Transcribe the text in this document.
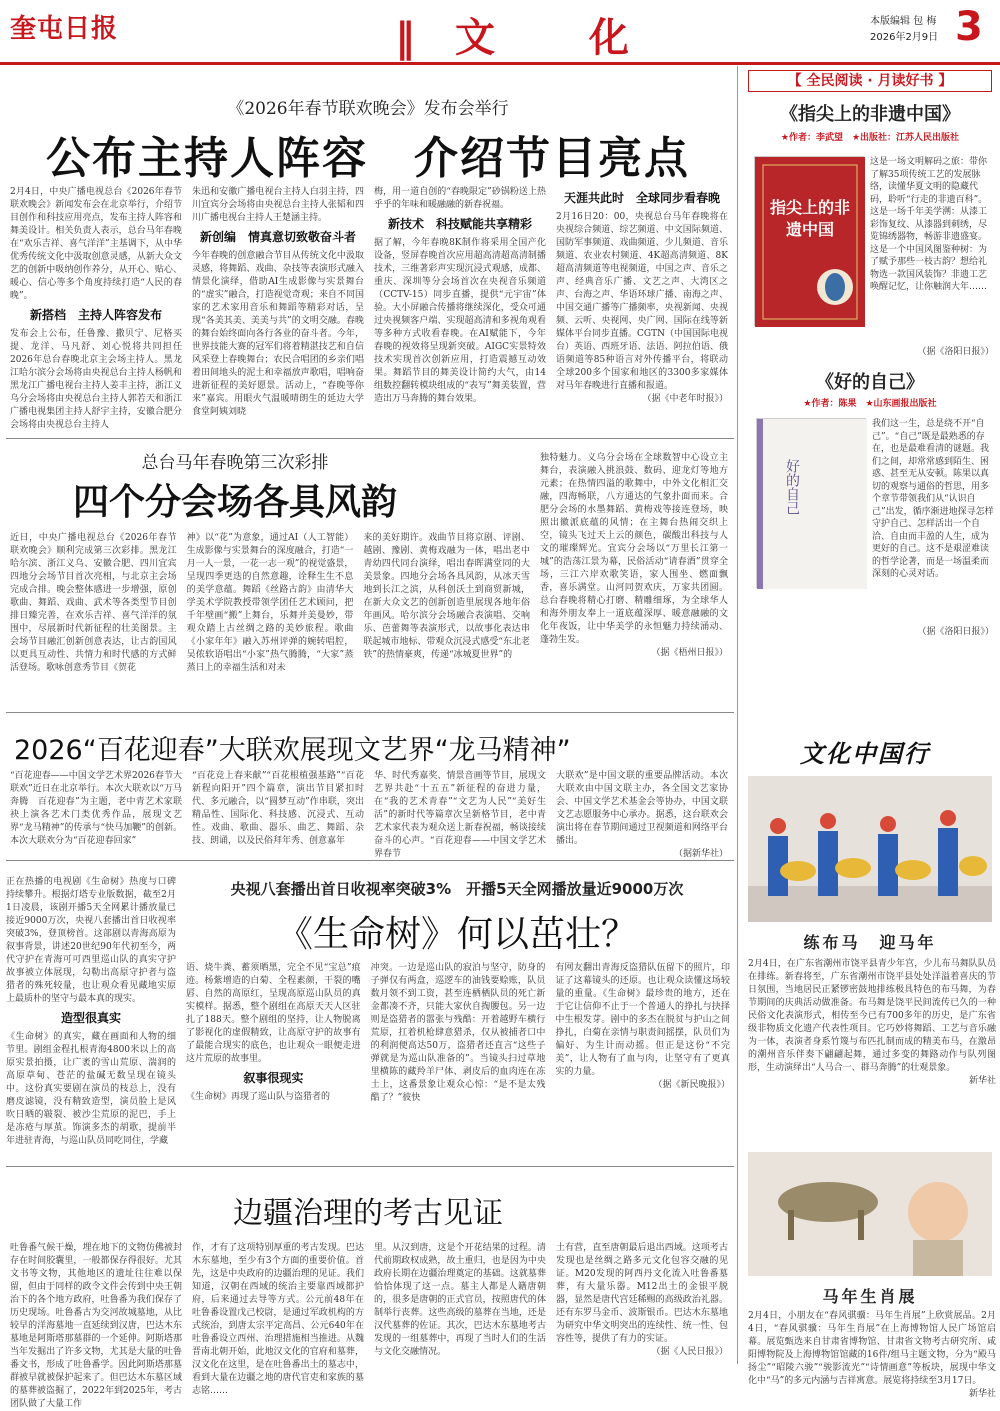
奎屯日报	‖文 化	本版编辑 包 梅
2026年2月9日 3
《2026年春节联欢晚会》发布会举行
公布主持人阵容　介绍节目亮点

2月4日，中央广播电视总台《2026年春节联欢晚会》新闻发布会在北京举行，介绍节目创作和科技应用亮点，发布主持人阵容和舞美设计。相关负责人表示，总台马年春晚在“欢乐吉祥、喜气洋洋”主基调下，从中华优秀传统文化中汲取创意灵感，从新大众文艺的创新中吸纳创作养分，从开心、贴心、暖心、信心等多个角度持续打造“人民的春晚”。

新搭档　主持人阵容发布

发布会上公布，任鲁豫、撒贝宁、尼格买提、龙洋、马凡舒、刘心悦将共同担任2026年总台春晚北京主会场主持人。黑龙江哈尔滨分会场将由央视总台主持人杨帆和黑龙江广播电视台主持人姜丰主持，浙江义乌分会场将由央视总台主持人郭若天和浙江广播电视集团主持人舒宇主持，安徽合肥分会场将由央视总台主持人

朱迅和安徽广播电视台主持人白羽主持，四川宜宾分会场将由央视总台主持人张韬和四川广播电视台主持人王楚涵主持。

新创编　情真意切致敬奋斗者

今年春晚的创意融合节目从传统文化中汲取灵感，将舞蹈、戏曲、杂技等表演形式融入情景化演绎，借助AI生成影像与实景舞台的“虚实”融合，打造视觉奇观；来自不同国家的艺术家用音乐和舞蹈等精彩对话，呈现“各美其美、美美与共”的文明交融。春晚的舞台始终面向各行各业的奋斗者。今年，世界技能大赛的冠军们将着精湛技艺和自信风采登上春晚舞台；农民合唱团的乡亲们唱着田间地头的泥土和幸福放声歌唱，唱响奋进新征程的美好愿景。活动上，“春晚等你来”嘉宾。用眼火气温暖晴朗生的延边大学食堂阿姨刘晓

梅，用一道自创的“春晚限定”砂锅粉送上热乎乎的年味和暖融融的新春祝福。

新技术　科技赋能共享精彩

据了解，今年春晚8K制作将采用全国产化设备，竖屏春晚首次应用超高清超高清制播技术，三维著彩声实现沉浸式观感，成都、重庆、深圳等分会场首次在央视音乐频道（CCTV-15）同步直播，提供“元宇宙”体验。大小屏融合传播将继续深化，受众可通过央视频客户端、实现超高清和多视角观看等多种方式收看春晚。在AI赋能下，今年春晚的视效将呈现新突破。AIGC实景特效技术实现首次创新应用，打造震撼互动效果。舞蹈节目的舞美设计简约大气，由14组数控翻转模块组成的“表写”舞美装置，营造出万马奔腾的舞台效果。

天涯共此时　全球同步看春晚

2月16日20：00，央视总台马年春晚将在央视综合频道、综艺频道、中文国际频道、国防军事频道、戏曲频道、少儿频道、音乐频道、农业农村频道、4K超高清频道、8K超高清频道等电视频道，中国之声、音乐之声、经典音乐广播、文艺之声、大湾区之声、台海之声、华语环球广播、南海之声、中国交通广播等广播频率，央视新闻、央视频、云听、央视网、央广网、国际在线等新媒体平台同步直播。CGTN（中国国际电视台）英语、西班牙语、法语、阿拉伯语、俄语频道等85种语言对外传播平台，将联动全球200多个国家和地区的3300多家媒体对马年春晚进行直播和报道。

（据《中老年时报》）
总台马年春晚第三次彩排
四个分会场各具风韵

近日，中央广播电视总台《2026年春节联欢晚会》顺利完成第三次彩排。黑龙江哈尔滨、浙江义乌、安徽合肥、四川宜宾四地分会场节目首次亮相，与北京主会场完成合排。晚会整体感进一步增强，原创歌曲、舞蹈、戏曲、武术等各类型节目创排日臻完善，在欢乐吉祥、喜气洋洋的氛围中，尽展新时代新征程的壮美图景。主会场节目融汇创新创意表达，让古韵国风以更具互动性、共情力和时代感的方式鲜活登场。歌咏创意秀节目《贺花

神》以“花”为意象，通过AI（人工智能）生成影像与实景舞台的深度融合，打造“一月一人一景，一花一志一观”的视觉盛景，呈现四季更迭的自然意趣，诠释生生不息的美学意蕴。舞蹈《丝路古韵》由清华大学美术学院教授带领学团任艺术顾问，把千年壁画“搬”上舞台，乐舞并美曼妙，带观众踏上古丝绸之路的美妙旅程。歌曲《小家年年》融入苏州评弹的婉转唱腔，吴侬软语唱出“小家”热气腾腾，“大家”蒸蒸日上的幸福生活和对未

来的美好期许。戏曲节目将京剧、评剧、越剧、豫剧、黄梅戏融为一体，唱出老中青幼四代同台演绎，唱出春晖满堂同的大美景象。四地分会场各具风韵，从冰天雪地到长江之滨，从科创沃土到商贸新城，在新大众文艺的创新创造里展现各地年俗年画风。哈尔滨分会场融合表演唱、交响乐、芭蕾舞等表演形式，以故事化表达串联起城市地标、带观众沉浸式感受“东北老铁”的热情豪爽，传递“冰城夏世界”的

独特魅力。义乌分会场在全球数智中心设立主舞台，表演融入挑浪鼓、数码、迎龙灯等地方元素；在热情四溢的歌舞中，中外文化相汇交融，四海畅联，八方通达的气象扑面而来。合肥分会场的水墨舞蹈、黄梅戏等接连登场，映照出徽派底蕴的风情；在主舞台热闹交织上空，镜头飞过天上云的颜色，碳酸出科技与人文的璀璨辉光。宜宾分会场以“万里长江第一城”的浩荡江景为幕，民俗活动“请春酒”贯穿全场，三江六岸欢歌笑语，家人围坐、燃面飘香，喜乐满堂。山河同贺欢庆，万家共团圆。总台春晚将精心打磨、精雕细琢，为全球华人和海外朋友奉上一道底蕴深厚、暖意融融的文化年夜饭，让中华美学的永恒魅力持续涌动、蓬勃生发。

（据《梧州日报》）
2026“百花迎春”大联欢展现文艺界“龙马精神”

“百花迎春——中国文学艺术界2026春节大联欢”近日在北京举行。本次大联欢以“万马奔腾　百花迎春”为主题，老中青艺术家联袂上演各艺术门类优秀作品，展现文艺界“龙马精神”的传承与“快马加鞭”的创新。本次大联欢分为“百花迎春回家”

“百花竞上春来献”“百花根植强基路”“百花新程向阳开”四个篇章，演出节目紧扣时代、多元融合，以“圆梦互动”作串联，突出精品性、国际化、科技感、沉浸式、互动性。戏曲、歌曲、器乐、曲艺、舞蹈、杂技、朗诵，以及民俗拜年秀、创意嘉年

华、时代秀嘉奖、情景音画等节目，展现文艺界共赴“十五五”新征程的奋进力量，在“我的艺术青春”“文艺为人民”“美好生活”的新时代等篇章次呈新格节目，老中青艺术家代表为观众送上新春祝福，畅谈接续奋斗的心声。“百花迎春——中国文学艺术界春节

大联欢”是中国文联的重要品牌活动。本次大联欢由中国文联主办，各全国文艺家协会、中国文学艺术基金会等协办，中国文联文艺志愿服务中心承办。据悉，这台联欢会演出将在春节期间通过卫视频道和网络平台播出。

（据新华社）

正在热播的电视剧《生命树》热度与口碑持续攀升。根据灯塔专业版数据，截至2月1日凌晨，该剧开播5天全网累计播放量已接近9000万次，央视八套播出首日收视率突破3%，登顶榜首。这部剧以青海高原为叙事背景，讲述20世纪90年代初至今，两代守护在青海可可西里巡山队的真实守护故事被立体展现，勾勒出高原守护者与盗猎者的殊死较量，也让观众看见藏地实原上最质朴的坚守与最本真的现实。

造型很真实

《生命树》的真实，藏在画面和人物的细节里。剧组金程扎根青海4800米以上的高原实景拍摄，让广袤的雪山荒原、湍润的高原草甸、苍茫的盐碱无数呈现在镜头中。这份真实要剧在演员的枝总上，没有磨皮滤镜，没有精致造型，演员脸上是风吹日晒的皲裂、被沙尘荒原的泥巴，手上是冻疮与厚茧。饰演多杰的胡歌，提前半年进驻青海，与巡山队员同吃同住，学藏

央视八套播出首日收视率突破3%　开播5天全网播放量近9000万次
《生命树》何以茁壮？

语、烧牛粪、蓄须晒黑，完全不见“宝总”痕迹。杨紫增造的白菊、全程素颜，干裂的嘴唇、自然的高原红，呈现高原巡山队员的真实模样。据悉，整个剧组在高原天天人区驻扎了188天。整个剧组的坚持，让人物脱离了影视化的虚假精致，让高原守护的故事有了最能合现实的底色，也让观众一眼便走进这片荒原的故事里。

叙事很现实

《生命树》再现了巡山队与盗猎者的

冲突。一边是巡山队的寂泊与坚守，防身的子弹仅有两盒，巡逻车的油钱要赊账，队员数月领不到工资，甚至连栖栖队员的死亡新金都凑不齐，只能大家伙自掏腰包。另一边则是盗猎者的嚣张与残酷：开着越野车横行荒原，扛着机枪肆意猎杀，仅从被捕者口中的利润便高达50万，盗猎者还直言“这些子弹就是为巡山队准备的”。当镜头扫过草地里横陈的藏羚羊尸体、剥皮后的血肉连在冻土上，这番景象让观众心惊：“是不是太残酷了？”彼快

有网友翻出青海反盗猎队伍留下的照片，印证了这幕镜头的还原。也让观众读懂这场较量的重量。《生命树》最珍贵的地方，还在于它让信仰不止于一个普通人的挣扎与抉择中生根发芽。剧中的多杰在脱贫与护山之间挣扎，白菊在亲情与职责间摇摆，队员们为偏好、为生计而动摇。但正是这份“不完美”，让人物有了血与肉，让坚守有了更真实的力量。

（据《新民晚报》）
边疆治理的考古见证

吐鲁番气候干燥，埋在地下的文物仿佛被封存在时间胶囊里，一般都保存得很好。尤其文书等文物，其他地区的遗址往往难以保留，但由于同样的政令文件会传到中央王朝治下的各个地方政府，吐鲁番为我们保存了历史现场。吐鲁番古为交河故城墓地，从比较早的洋海墓地一直延续到汉唐，巴达木东墓地是阿斯塔那墓群的一个延伸。阿斯塔那当年发掘出了许多文物，尤其是大量的吐鲁番文书，形成了吐鲁番学。因此阿斯塔那墓群被早就被保护起来了。但巴达木东墓区域的墓葬被盗掘了，2022年到2025年，考古团队做了大量工作

作，才有了这项特别厚重的考古发现。巴达木东墓地，至少有3个方面的重要价值。首先，这是中央政府的边疆治理的见证。我们知道，汉朝在西域的统治主要靠西域都护府，后来通过去导等方式。公元前48年在吐鲁番设置戊己校尉，是通过军政机构的方式统治，到唐太宗平定高昌、公元640年在吐鲁番设立西州、治理措施相当推进。从魏晋南北朝开始，此地汉文化的官府和墓葬，汉文化在这里，是在吐鲁番出土的墓志中，看到大量在边疆之地的唐代官吏和家族的墓志铭……

里。从汉到唐，这是个开花结果的过程。清代前期政权成熟，故土重归，也是因为中央政府长期在边疆治理奠定的基础。这就墓葬恰恰体现了这一点。墓主人都是人籍唐朝的，很多是唐朝的正式官员，按照唐代的体制举行丧葬。这些高级的墓葬在当地，还是汉代墓葬的佐证。其次，巴达木东墓地考古发现的一组墓葬中，再现了当时人们的生活与文化交融情况。

土有营，直至唐朝最后退出西域。这项考古发现也是丝绸之路多元文化包容交融的见证。M20发现的阿西丹文化流入吐鲁番墓葬，有大量乐器。M12出土的金银平脱器，显然是唐代宫廷稀赐的高级政治礼器。还有东罗马金币、波斯银币。巴达木东墓地为研究中华文明突出的连续性、统一性、包容性等，提供了有力的实证。

（据《人民日报》）
【 全民阅读 · 月读好书 】
《指尖上的非遗中国》
★作者：李武望　★出版社：江苏人民出版社
指尖上的非遗中国
这是一场文明解码之旅：带你了解35项传统工艺的发展脉络，读懂华夏文明的隐藏代码，聆听“行走的非遗百科”。这是一场千年美学溯：从漆工彩饰复纹、从漆器到刺绣，尽览锦绣器物，畅游非遗盛宴。这是一个中国风图鉴种树：为了赋予那些一枝古韵？想给礼物选一款国风装饰？非遗工艺唤醒记忆，让你触润大年……
（据《洛阳日报》）
《好的自己》
★作者：陈果　★山东画报出版社
好的自己
我们这一生，总是绕不开“自己”。“自己”既是最熟悉的存在，也是最难看清的谜题。我们之间，却常常感到陌生、困惑、甚至无从安顿。陈果以真切的观察与通俗的哲思，用多个章节带领我们从“认识自己”出发，循序渐进地探寻怎样守护自己、怎样活出一个自洽、自由而丰盈的人生，成为更好的自己。这不是艰涩难读的哲学论著，而是一场温柔而深刻的心灵对话。
（据《洛阳日报》）
文化中国行
练布马　迎马年
2月4日，在广东省潮州市饶平县青少年宫，少儿布马舞队队员在排练。新春将至，广东省潮州市饶平县处处洋溢着喜庆的节日氛围，当地居民正紧锣密鼓地排练极具特色的布马舞，为春节期间的庆典活动做准备。布马舞是饶平民间流传已久的一种民俗文化表演形式，相传至今已有700多年的历史，是广东省级非物质文化遗产代表性项目。它巧妙将舞蹈、工艺与音乐融为一体，表演者身系竹篾与布匹扎制而成的精美布马，在激昂的潮州音乐伴奏下翩翩起舞，通过多变的舞路动作与队列图形，生动演绎出“人马合一、群马奔腾”的壮观景象。
新华社
马年生肖展
2月4日，小朋友在“春风骐骥：马年生肖展”上欣赏展品。2月4日，“春风骐骥：马年生肖展”在上海博物馆人民广场馆启幕。展览甄选来自甘肃省博物馆、甘肃省文物考古研究所、咸阳博物院及上海博物馆馆藏的16件/组马主题文物，分为“殿马扬尘”“昭陵六骏”“骏影流光”“诗情画意”等板块，展现中华文化中“马”的多元内涵与吉祥寓意。展览将持续至3月17日。
新华社
